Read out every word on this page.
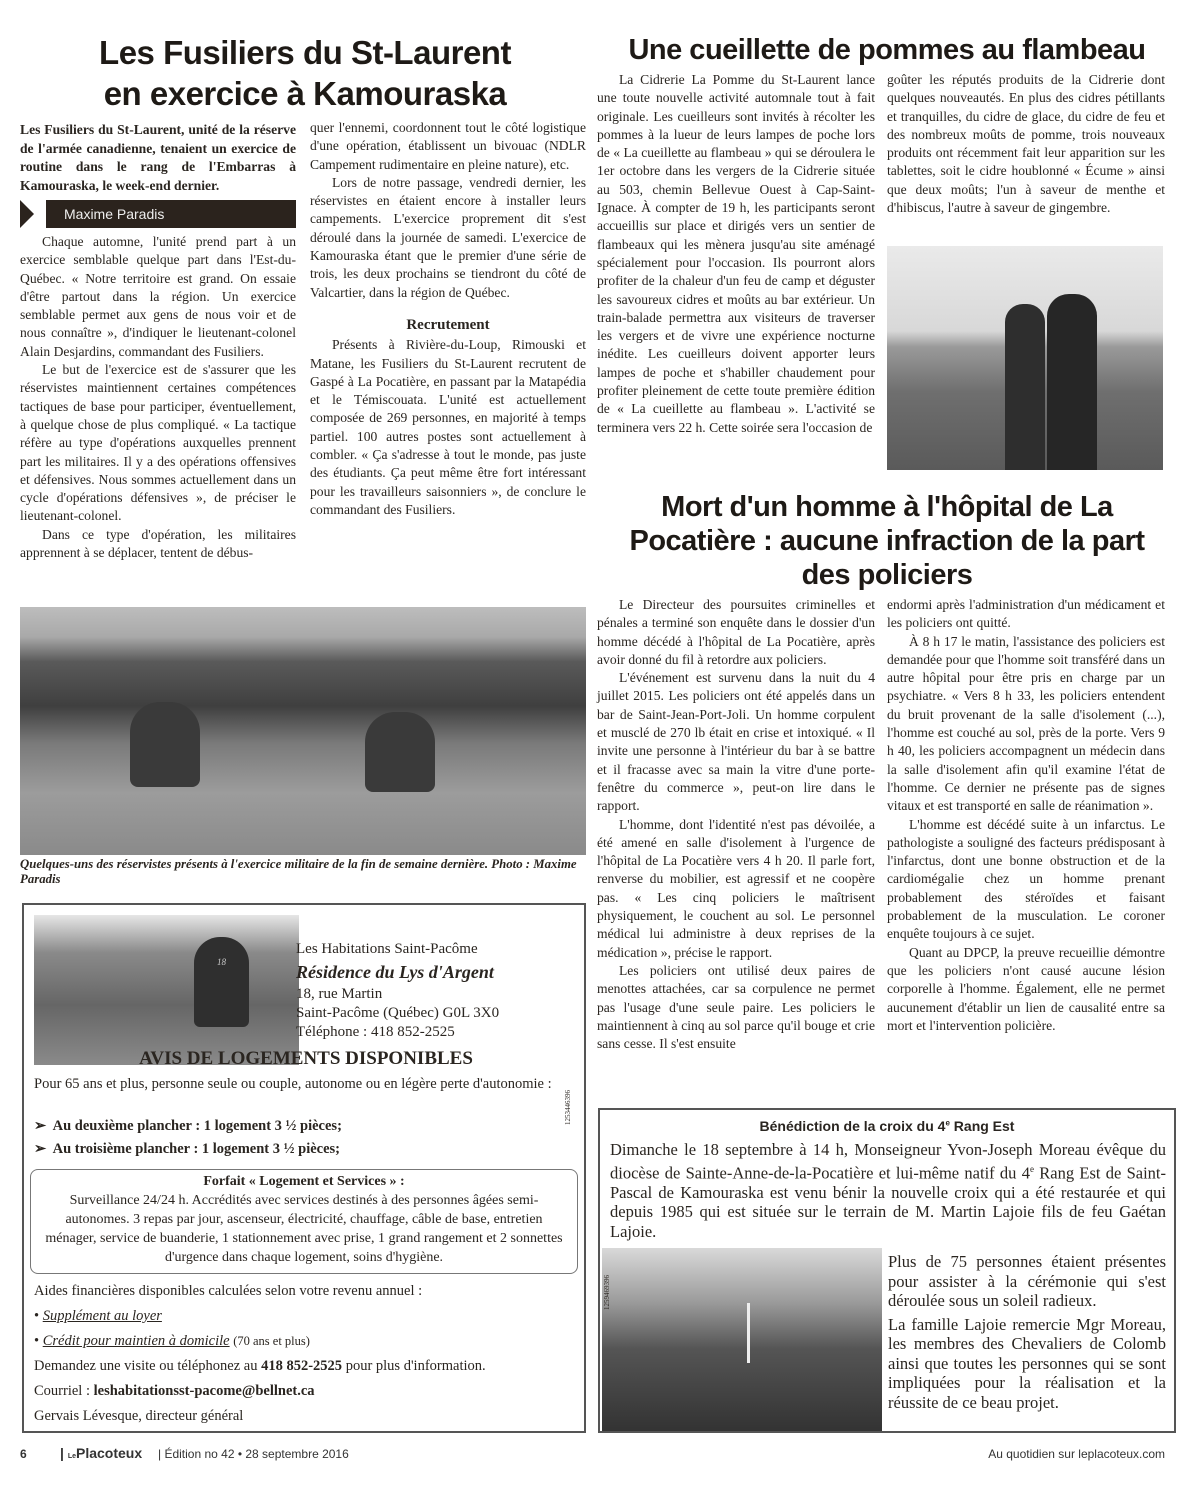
Les Fusiliers du St-Laurent
en exercice à Kamouraska
Les Fusiliers du St-Laurent, unité de la réserve de l'armée canadienne, tenaient un exercice de routine dans le rang de l'Embarras à Kamouraska, le week-end dernier.
Maxime Paradis

Chaque automne, l'unité prend part à un exercice semblable quelque part dans l'Est-du-Québec. « Notre territoire est grand. On essaie d'être partout dans la région. Un exercice semblable permet aux gens de nous voir et de nous connaître », d'indiquer le lieutenant-colonel Alain Desjardins, commandant des Fusiliers.

Le but de l'exercice est de s'assurer que les réservistes maintiennent certaines compétences tactiques de base pour participer, éventuellement, à quelque chose de plus compliqué. « La tactique réfère au type d'opérations auxquelles prennent part les militaires. Il y a des opérations offensives et défensives. Nous sommes actuellement dans un cycle d'opérations défensives », de préciser le lieutenant-colonel.

Dans ce type d'opération, les militaires apprennent à se déplacer, tentent de débus-

quer l'ennemi, coordonnent tout le côté logistique d'une opération, établissent un bivouac (NDLR Campement rudimentaire en pleine nature), etc.

Lors de notre passage, vendredi dernier, les réservistes en étaient encore à installer leurs campements. L'exercice proprement dit s'est déroulé dans la journée de samedi. L'exercice de Kamouraska étant que le premier d'une série de trois, les deux prochains se tiendront du côté de Valcartier, dans la région de Québec.

Recrutement

Présents à Rivière-du-Loup, Rimouski et Matane, les Fusiliers du St-Laurent recrutent de Gaspé à La Pocatière, en passant par la Matapédia et le Témiscouata. L'unité est actuellement composée de 269 personnes, en majorité à temps partiel. 100 autres postes sont actuellement à combler. « Ça s'adresse à tout le monde, pas juste des étudiants. Ça peut même être fort intéressant pour les travailleurs saisonniers », de conclure le commandant des Fusiliers.

Quelques-uns des réservistes présents à l'exercice militaire de la fin de semaine dernière. Photo : Maxime Paradis
18
Les Habitations Saint-Pacôme
Résidence du Lys d'Argent
18, rue Martin
Saint-Pacôme (Québec) G0L 3X0
Téléphone : 418 852-2525
AVIS DE LOGEMENTS DISPONIBLES
Pour 65 ans et plus, personne seule ou couple, autonome ou en légère perte d'autonomie :
➢  Au deuxième plancher : 1 logement 3 ½ pièces;
➢  Au troisième plancher : 1 logement 3 ½ pièces;
1253446396
Forfait « Logement et Services » :
Surveillance 24/24 h. Accrédités avec services destinés à des personnes âgées semi-autonomes. 3 repas par jour, ascenseur, électricité, chauffage, câble de base, entretien ménager, service de buanderie, 1 stationnement avec prise, 1 grand rangement et 2 sonnettes d'urgence dans chaque logement, soins d'hygiène.
Aides financières disponibles calculées selon votre revenu annuel :
• Supplément au loyer
• Crédit pour maintien à domicile (70 ans et plus)
Demandez une visite ou téléphonez au 418 852-2525 pour plus d'information.
Courriel : leshabitationsst-pacome@bellnet.ca
Gervais Lévesque, directeur général
Une cueillette de pommes au flambeau

La Cidrerie La Pomme du St-Laurent lance une toute nouvelle activité automnale tout à fait originale. Les cueilleurs sont invités à récolter les pommes à la lueur de leurs lampes de poche lors de « La cueillette au flambeau » qui se déroulera le 1er octobre dans les vergers de la Cidrerie située au 503, chemin Bellevue Ouest à Cap-Saint-Ignace. À compter de 19 h, les participants seront accueillis sur place et dirigés vers un sentier de flambeaux qui les mènera jusqu'au site aménagé spécialement pour l'occasion. Ils pourront alors profiter de la chaleur d'un feu de camp et déguster les savoureux cidres et moûts au bar extérieur. Un train-balade permettra aux visiteurs de traverser les vergers et de vivre une expérience nocturne inédite. Les cueilleurs doivent apporter leurs lampes de poche et s'habiller chaudement pour profiter pleinement de cette toute première édition de « La cueillette au flambeau ». L'activité se terminera vers 22 h. Cette soirée sera l'occasion de

goûter les réputés produits de la Cidrerie dont quelques nouveautés. En plus des cidres pétillants et tranquilles, du cidre de glace, du cidre de feu et des nombreux moûts de pomme, trois nouveaux produits ont récemment fait leur apparition sur les tablettes, soit le cidre houblonné « Écume » ainsi que deux moûts; l'un à saveur de menthe et d'hibiscus, l'autre à saveur de gingembre.

Mort d'un homme à l'hôpital de La
Pocatière : aucune infraction de la part
des policiers

Le Directeur des poursuites criminelles et pénales a terminé son enquête dans le dossier d'un homme décédé à l'hôpital de La Pocatière, après avoir donné du fil à retordre aux policiers.

L'événement est survenu dans la nuit du 4 juillet 2015. Les policiers ont été appelés dans un bar de Saint-Jean-Port-Joli. Un homme corpulent et musclé de 270 lb était en crise et intoxiqué. « Il invite une personne à l'intérieur du bar à se battre et il fracasse avec sa main la vitre d'une porte-fenêtre du commerce », peut-on lire dans le rapport.

L'homme, dont l'identité n'est pas dévoilée, a été amené en salle d'isolement à l'urgence de l'hôpital de La Pocatière vers 4 h 20. Il parle fort, renverse du mobilier, est agressif et ne coopère pas. « Les cinq policiers le maîtrisent physiquement, le couchent au sol. Le personnel médical lui administre à deux reprises de la médication », précise le rapport.

Les policiers ont utilisé deux paires de menottes attachées, car sa corpulence ne permet pas l'usage d'une seule paire. Les policiers le maintiennent à cinq au sol parce qu'il bouge et crie sans cesse. Il s'est ensuite

endormi après l'administration d'un médicament et les policiers ont quitté.

À 8 h 17 le matin, l'assistance des policiers est demandée pour que l'homme soit transféré dans un autre hôpital pour être pris en charge par un psychiatre. « Vers 8 h 33, les policiers entendent du bruit provenant de la salle d'isolement (...), l'homme est couché au sol, près de la porte. Vers 9 h 40, les policiers accompagnent un médecin dans la salle d'isolement afin qu'il examine l'état de l'homme. Ce dernier ne présente pas de signes vitaux et est transporté en salle de réanimation ».

L'homme est décédé suite à un infarctus. Le pathologiste a souligné des facteurs prédisposant à l'infarctus, dont une bonne obstruction et de la cardiomégalie chez un homme prenant probablement des stéroïdes et faisant probablement de la musculation. Le coroner enquête toujours à ce sujet.

Quant au DPCP, la preuve recueillie démontre que les policiers n'ont causé aucune lésion corporelle à l'homme. Également, elle ne permet aucunement d'établir un lien de causalité entre sa mort et l'intervention policière.

Bénédiction de la croix du 4e Rang Est
Dimanche le 18 septembre à 14 h, Monseigneur Yvon-Joseph Moreau évêque du diocèse de Sainte-Anne-de-la-Pocatière et lui-même natif du 4e Rang Est de Saint-Pascal de Kamouraska est venu bénir la nouvelle croix qui a été restaurée et qui depuis 1985 qui est située sur le terrain de M. Martin Lajoie fils de feu Gaétan Lajoie.
1259469396
Plus de 75 personnes étaient présentes pour assister à la cérémonie qui s'est déroulée sous un soleil radieux.
La famille Lajoie remercie Mgr Moreau, les membres des Chevaliers de Colomb ainsi que toutes les personnes qui se sont impliquées pour la réalisation et la réussite de ce beau projet.
6 | LePlacoteux | Édition no 42 • 28 septembre 2016	Au quotidien sur leplacoteux.com
